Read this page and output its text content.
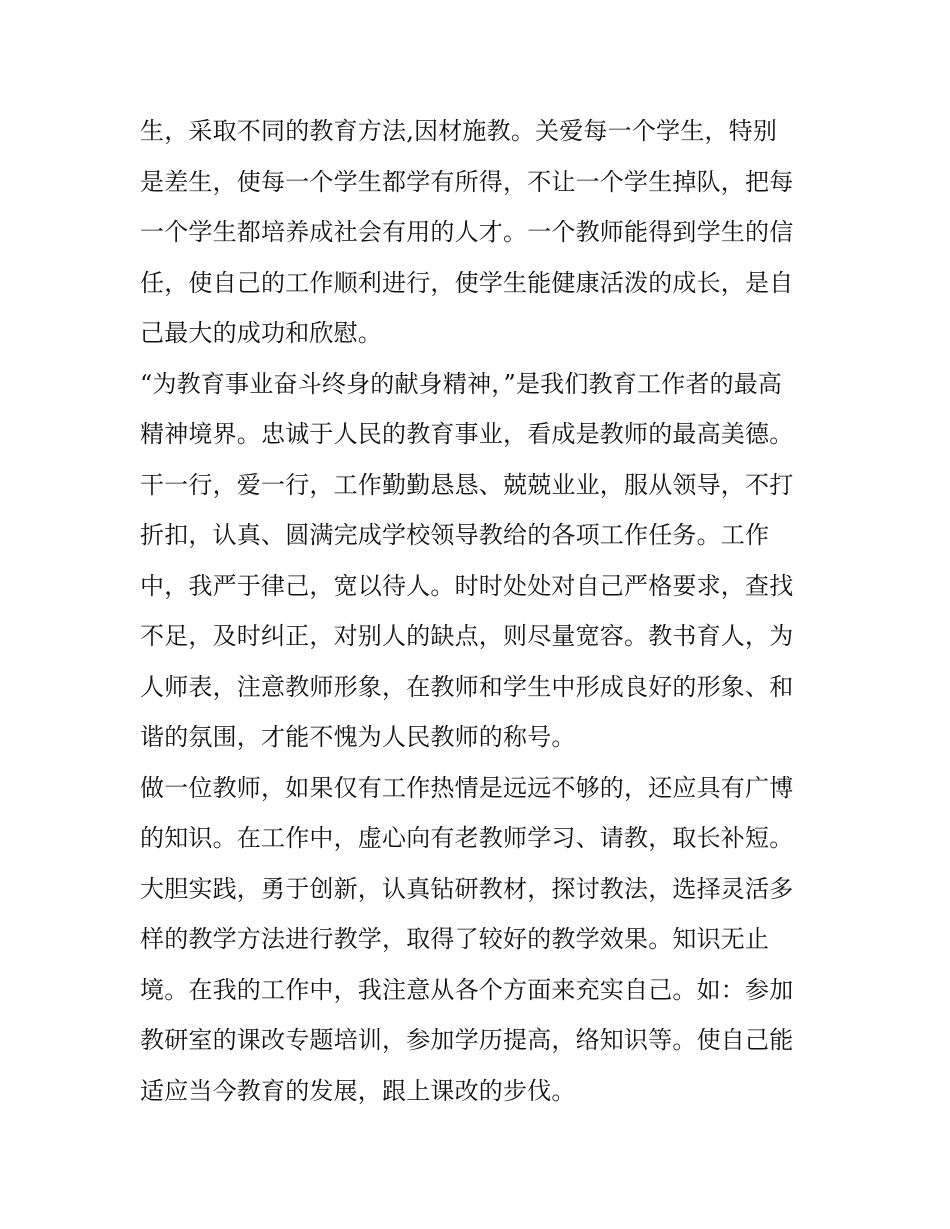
生，采取不同的教育方法,因材施教。关爱每一个学生，特别
是差生，使每一个学生都学有所得，不让一个学生掉队，把每
一个学生都培养成社会有用的人才。一个教师能得到学生的信
任，使自己的工作顺利进行，使学生能健康活泼的成长，是自
己最大的成功和欣慰。
“为教育事业奋斗终身的献身精神，”是我们教育工作者的最高
精神境界。忠诚于人民的教育事业，看成是教师的最高美德。
干一行，爱一行，工作勤勤恳恳、兢兢业业，服从领导，不打
折扣，认真、圆满完成学校领导教给的各项工作任务。工作
中，我严于律己，宽以待人。时时处处对自己严格要求，查找
不足，及时纠正，对别人的缺点，则尽量宽容。教书育人，为
人师表，注意教师形象，在教师和学生中形成良好的形象、和
谐的氛围，才能不愧为人民教师的称号。
做一位教师，如果仅有工作热情是远远不够的，还应具有广博
的知识。在工作中，虚心向有老教师学习、请教，取长补短。
大胆实践，勇于创新，认真钻研教材，探讨教法，选择灵活多
样的教学方法进行教学，取得了较好的教学效果。知识无止
境。在我的工作中，我注意从各个方面来充实自己。如：参加
教研室的课改专题培训，参加学历提高，络知识等。使自己能
适应当今教育的发展，跟上课改的步伐。
